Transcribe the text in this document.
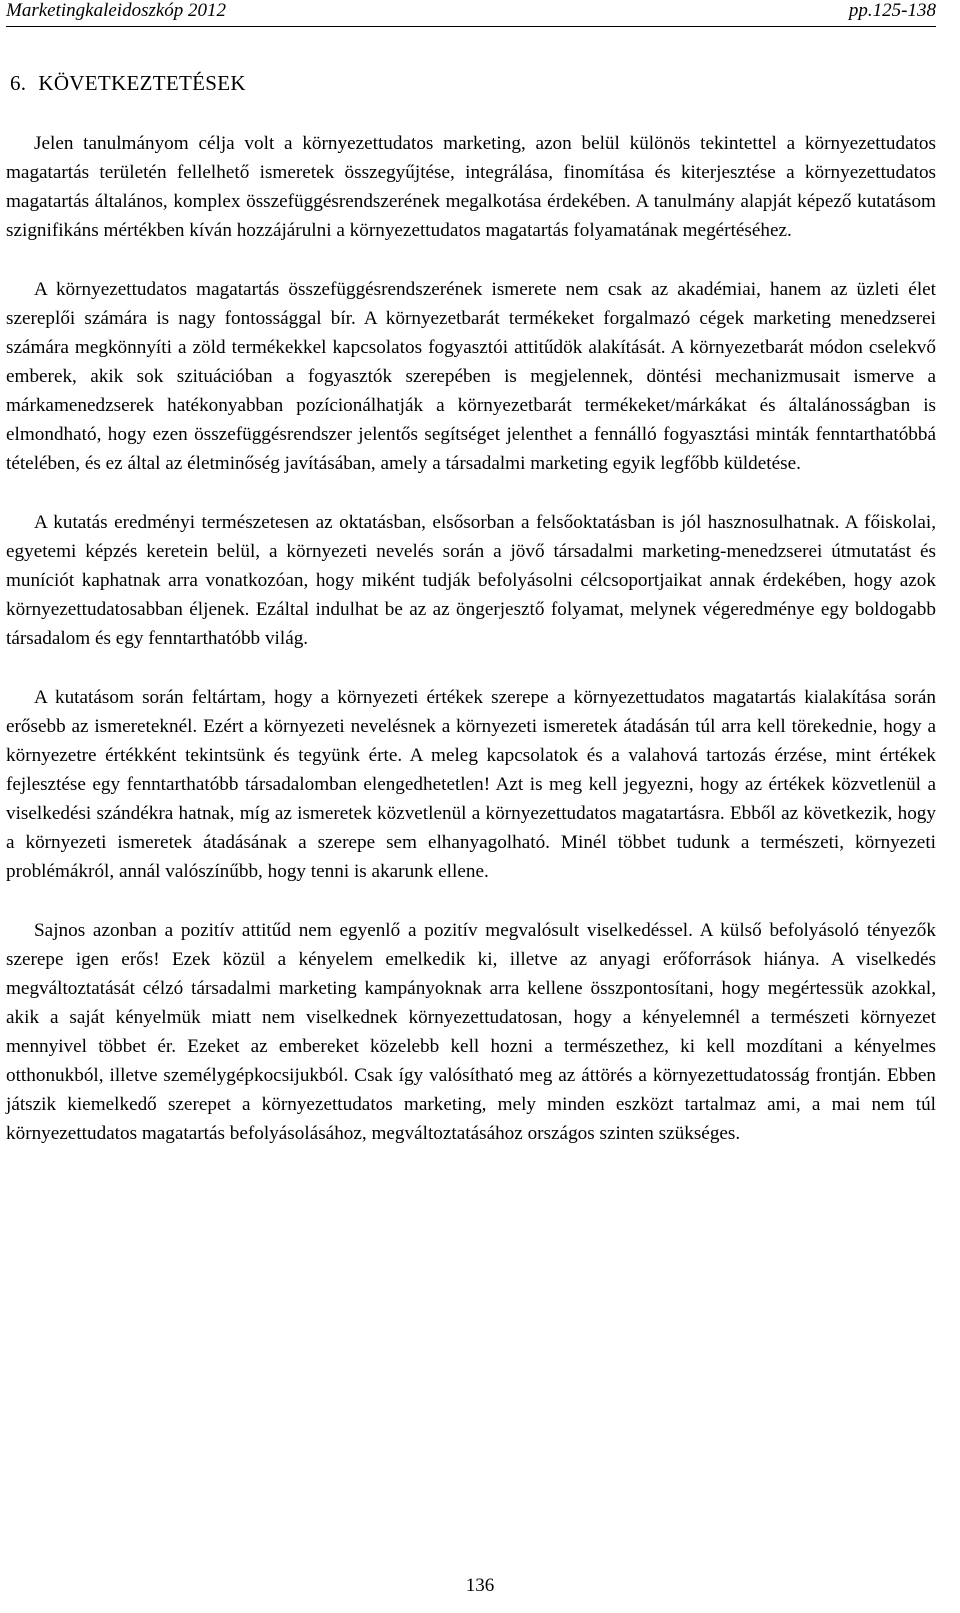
Marketingkaleidoszkóp 2012	pp.125-138
6. KÖVETKEZTETÉSEK

Jelen tanulmányom célja volt a környezettudatos marketing, azon belül különös tekintettel a környezettudatos magatartás területén fellelhető ismeretek összegyűjtése, integrálása, finomítása és kiterjesztése a környezettudatos magatartás általános, komplex összefüggésrendszerének megalkotása érdekében. A tanulmány alapját képező kutatásom szignifikáns mértékben kíván hozzájárulni a környezettudatos magatartás folyamatának megértéséhez.

A környezettudatos magatartás összefüggésrendszerének ismerete nem csak az akadémiai, hanem az üzleti élet szereplői számára is nagy fontossággal bír. A környezetbarát termékeket forgalmazó cégek marketing menedzserei számára megkönnyíti a zöld termékekkel kapcsolatos fogyasztói attitűdök alakítását. A környezetbarát módon cselekvő emberek, akik sok szituációban a fogyasztók szerepében is megjelennek, döntési mechanizmusait ismerve a márkamenedzserek hatékonyabban pozícionálhatják a környezetbarát termékeket/márkákat és általánosságban is elmondható, hogy ezen összefüggésrendszer jelentős segítséget jelenthet a fennálló fogyasztási minták fenntarthatóbbá tételében, és ez által az életminőség javításában, amely a társadalmi marketing egyik legfőbb küldetése.

A kutatás eredményi természetesen az oktatásban, elsősorban a felsőoktatásban is jól hasznosulhatnak. A főiskolai, egyetemi képzés keretein belül, a környezeti nevelés során a jövő társadalmi marketing-menedzserei útmutatást és muníciót kaphatnak arra vonatkozóan, hogy miként tudják befolyásolni célcsoportjaikat annak érdekében, hogy azok környezettudatosabban éljenek. Ezáltal indulhat be az az öngerjesztő folyamat, melynek végeredménye egy boldogabb társadalom és egy fenntarthatóbb világ.

A kutatásom során feltártam, hogy a környezeti értékek szerepe a környezettudatos magatartás kialakítása során erősebb az ismereteknél. Ezért a környezeti nevelésnek a környezeti ismeretek átadásán túl arra kell törekednie, hogy a környezetre értékként tekintsünk és tegyünk érte. A meleg kapcsolatok és a valahová tartozás érzése, mint értékek fejlesztése egy fenntarthatóbb társadalomban elengedhetetlen! Azt is meg kell jegyezni, hogy az értékek közvetlenül a viselkedési szándékra hatnak, míg az ismeretek közvetlenül a környezettudatos magatartásra. Ebből az következik, hogy a környezeti ismeretek átadásának a szerepe sem elhanyagolható. Minél többet tudunk a természeti, környezeti problémákról, annál valószínűbb, hogy tenni is akarunk ellene.

Sajnos azonban a pozitív attitűd nem egyenlő a pozitív megvalósult viselkedéssel. A külső befolyásoló tényezők szerepe igen erős! Ezek közül a kényelem emelkedik ki, illetve az anyagi erőforrások hiánya. A viselkedés megváltoztatását célzó társadalmi marketing kampányoknak arra kellene összpontosítani, hogy megértessük azokkal, akik a saját kényelmük miatt nem viselkednek környezettudatosan, hogy a kényelemnél a természeti környezet mennyivel többet ér. Ezeket az embereket közelebb kell hozni a természethez, ki kell mozdítani a kényelmes otthonukból, illetve személygépkocsijukból. Csak így valósítható meg az áttörés a környezettudatosság frontján. Ebben játszik kiemelkedő szerepet a környezettudatos marketing, mely minden eszközt tartalmaz ami, a mai nem túl környezettudatos magatartás befolyásolásához, megváltoztatásához országos szinten szükséges.

136
